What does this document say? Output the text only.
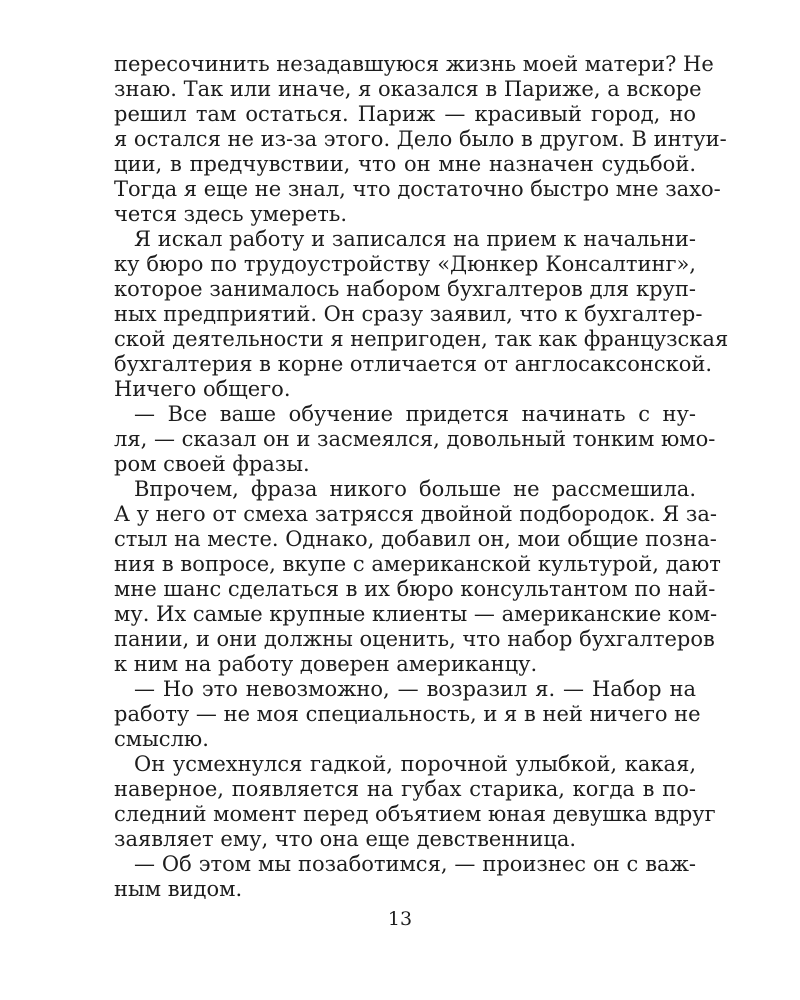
пересочинить незадавшуюся жизнь моей матери? Не
знаю. Так или иначе, я оказался в Париже, а вскоре
решил там остаться. Париж — красивый город, но
я остался не из-за этого. Дело было в другом. В интуи-
ции, в предчувствии, что он мне назначен судьбой.
Тогда я еще не знал, что достаточно быстро мне захо-
чется здесь умереть.
Я искал работу и записался на прием к начальни-
ку бюро по трудоустройству «Дюнкер Консалтинг»,
которое занималось набором бухгалтеров для круп-
ных предприятий. Он сразу заявил, что к бухгалтер-
ской деятельности я непригоден, так как французская
бухгалтерия в корне отличается от англосаксонской.
Ничего общего.
— Все ваше обучение придется начинать с ну-
ля, — сказал он и засмеялся, довольный тонким юмо-
ром своей фразы.
Впрочем, фраза никого больше не рассмешила.
А у него от смеха затрясся двойной подбородок. Я за-
стыл на месте. Однако, добавил он, мои общие позна-
ния в вопросе, вкупе с американской культурой, дают
мне шанс сделаться в их бюро консультантом по най-
му. Их самые крупные клиенты — американские ком-
пании, и они должны оценить, что набор бухгалтеров
к ним на работу доверен американцу.
— Но это невозможно, — возразил я. — Набор на
работу — не моя специальность, и я в ней ничего не
смыслю.
Он усмехнулся гадкой, порочной улыбкой, какая,
наверное, появляется на губах старика, когда в по-
следний момент перед объятием юная девушка вдруг
заявляет ему, что она еще девственница.
— Об этом мы позаботимся, — произнес он с важ-
ным видом.
13
